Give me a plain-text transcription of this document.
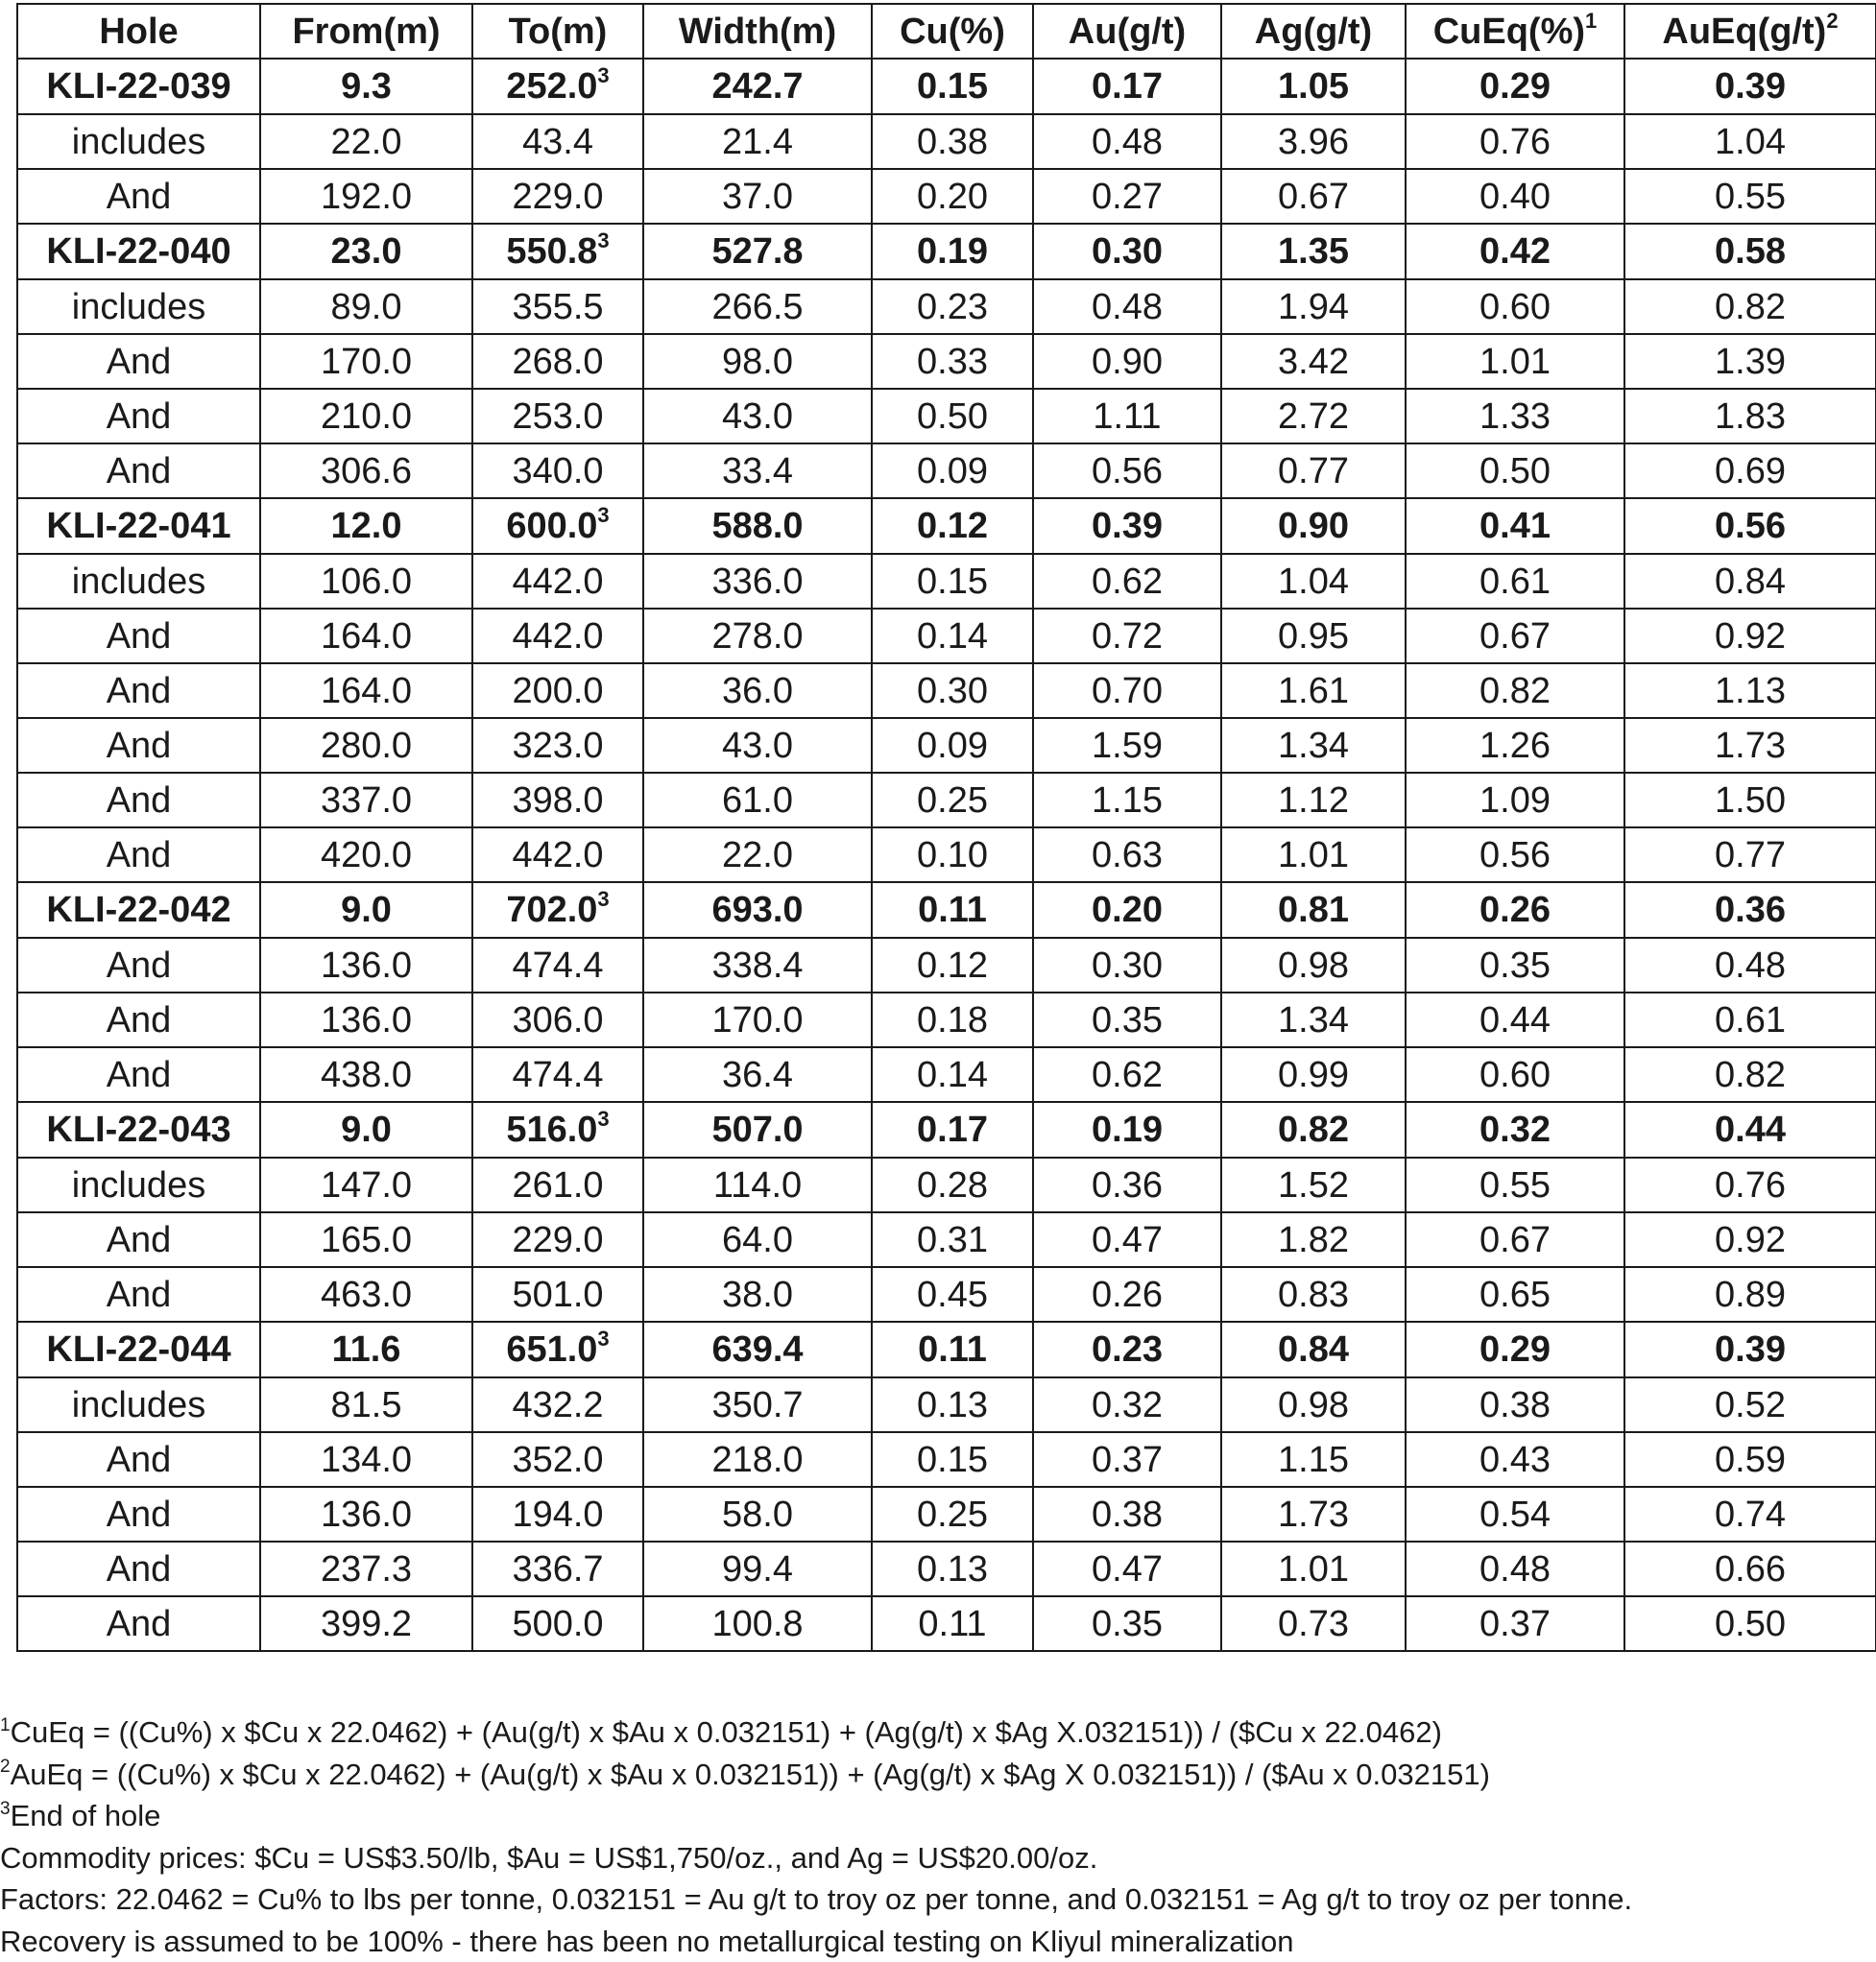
Hole	From(m)	To(m)	Width(m)	Cu(%)	Au(g/t)	Ag(g/t)	CuEq(%)$^1$	$AuEq(g/t)^2$
KLI-22-039	9.3	252.0$^3$	242.7	0.15	0.17	1.05	0.29	0.39
includes	22.0	43.4	21.4	0.38	0.48	3.96	0.76	1.04
And	192.0	229.0	37.0	0.20	0.27	0.67	0.40	0.55
KLI-22-040	23.0	550.8$^3$	527.8	0.19	0.30	1.35	0.42	0.58
includes	89.0	355.5	266.5	0.23	0.48	1.94	0.60	0.82
And	170.0	268.0	98.0	0.33	0.90	3.42	1.01	1.39
And	210.0	253.0	43.0	0.50	1.11	2.72	1.33	1.83
And	306.6	340.0	33.4	0.09	0.56	0.77	0.50	0.69
KLI-22-041	12.0	600.0$^3$	588.0	0.12	0.39	0.90	0.41	0.56
includes	106.0	442.0	336.0	0.15	0.62	1.04	0.61	0.84
And	164.0	442.0	278.0	0.14	0.72	0.95	0.67	0.92
And	164.0	200.0	36.0	0.30	0.70	1.61	0.82	1.13
And	280.0	323.0	43.0	0.09	1.59	1.34	1.26	1.73
And	337.0	398.0	61.0	0.25	1.15	1.12	1.09	1.50
And	420.0	442.0	22.0	0.10	0.63	1.01	0.56	0.77
KLI-22-042	9.0	702.0$^3$	693.0	0.11	0.20	0.81	0.26	0.36
And	136.0	474.4	338.4	0.12	0.30	0.98	0.35	0.48
And	136.0	306.0	170.0	0.18	0.35	1.34	0.44	0.61
And	438.0	474.4	36.4	0.14	0.62	0.99	0.60	0.82
KLI-22-043	9.0	516.0$^3$	507.0	0.17	0.19	0.82	0.32	0.44
includes	147.0	261.0	114.0	0.28	0.36	1.52	0.55	0.76
And	165.0	229.0	64.0	0.31	0.47	1.82	0.67	0.92
And	463.0	501.0	38.0	0.45	0.26	0.83	0.65	0.89
KLI-22-044	11.6	651.0$^3$	639.4	0.11	0.23	0.84	0.29	0.39
includes	81.5	432.2	350.7	0.13	0.32	0.98	0.38	0.52
And	134.0	352.0	218.0	0.15	0.37	1.15	0.43	0.59
And	136.0	194.0	58.0	0.25	0.38	1.73	0.54	0.74
And	237.3	336.7	99.4	0.13	0.47	1.01	0.48	0.66
And	399.2	500.0	100.8	0.11	0.35	0.73	0.37	0.50
$^1$CuEq = ((Cu%) x $Cu x 22.0462) + (Au(g/t) x $Au x 0.032151) + (Ag(g/t) x $Ag X.032151)) / ($Cu x 22.0462)
$^2$AuEq = ((Cu%) x $Cu x 22.0462) + (Au(g/t) x $Au x 0.032151)) + (Ag(g/t) x $Ag X 0.032151)) / ($Au x 0.032151)
$^3$End of hole
Commodity prices: $Cu = US$3.50/lb, $Au = US$1,750/oz., and Ag = US$20.00/oz.
Factors: 22.0462 = Cu% to lbs per tonne, 0.032151 = Au g/t to troy oz per tonne, and 0.032151 = Ag g/t to troy oz per tonne.
Recovery is assumed to be 100% - there has been no metallurgical testing on Kliyul mineralization
